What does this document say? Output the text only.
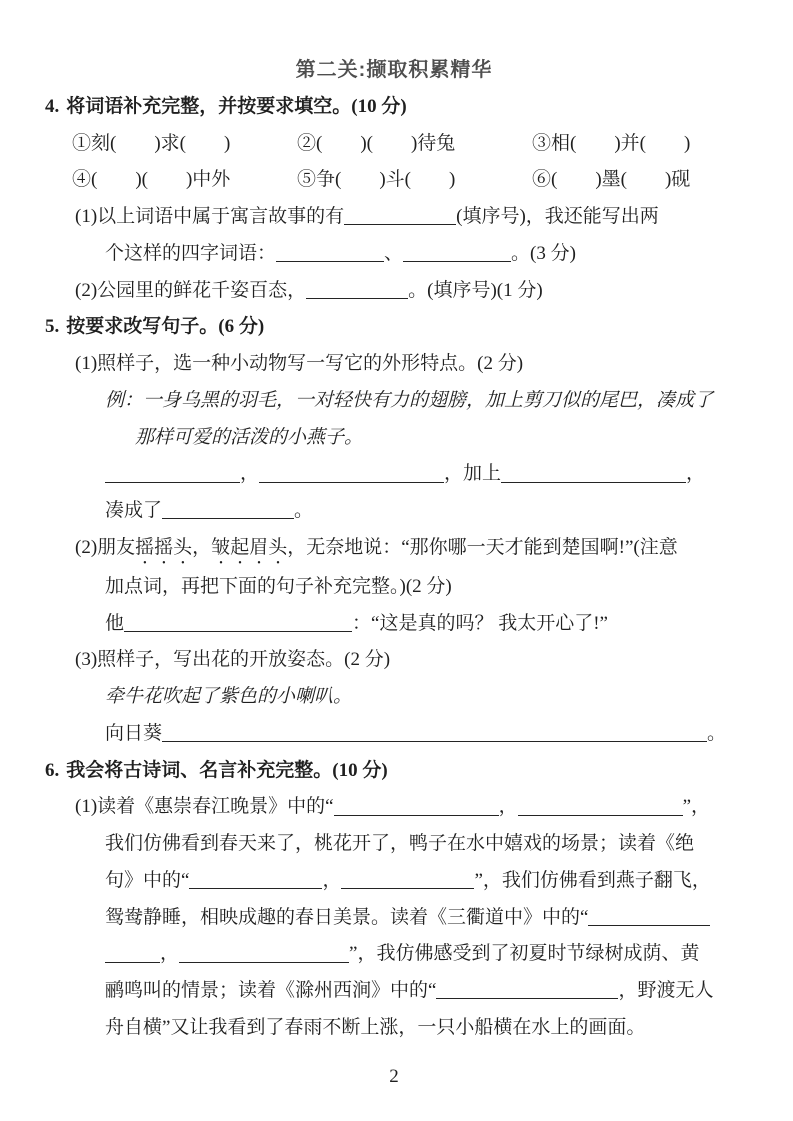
第二关:撷取积累精华
4. 将词语补充完整，并按要求填空。(10 分)
①刻(　　)求(　　)	②(　　)(　　)待兔	③相(　　)并(　　)
④(　　)(　　)中外	⑤争(　　)斗(　　)	⑥(　　)墨(　　)砚
(1)以上词语中属于寓言故事的有	(填序号)，我还能写出两
个这样的四字词语：	、	。(3 分)
(2)公园里的鲜花千姿百态，	。(填序号)(1 分)
5. 按要求改写句子。(6 分)
(1)照样子，选一种小动物写一写它的外形特点。(2 分)
例：一身乌黑的羽毛，一对轻快有力的翅膀，加上剪刀似的尾巴，凑成了
那样可爱的活泼的小燕子。
，	，加上	，
凑成了	。
(2)朋友摇摇头，皱起眉头，无奈地说：“那你哪一天才能到楚国啊!”(注意
加点词，再把下面的句子补充完整。)(2 分)
他	：“这是真的吗？ 我太开心了!”
(3)照样子，写出花的开放姿态。(2 分)
牵牛花吹起了紫色的小喇叭。
向日葵	。
6. 我会将古诗词、名言补充完整。(10 分)
(1)读着《惠崇春江晚景》中的“	，	”，
我们仿佛看到春天来了，桃花开了，鸭子在水中嬉戏的场景；读着《绝
句》中的“	，	”，我们仿佛看到燕子翻飞，
鸳鸯静睡，相映成趣的春日美景。读着《三衢道中》中的“
，	”，我仿佛感受到了初夏时节绿树成荫、黄
鹂鸣叫的情景；读着《滁州西涧》中的“	，野渡无人
舟自横”又让我看到了春雨不断上涨，一只小船横在水上的画面。
2
